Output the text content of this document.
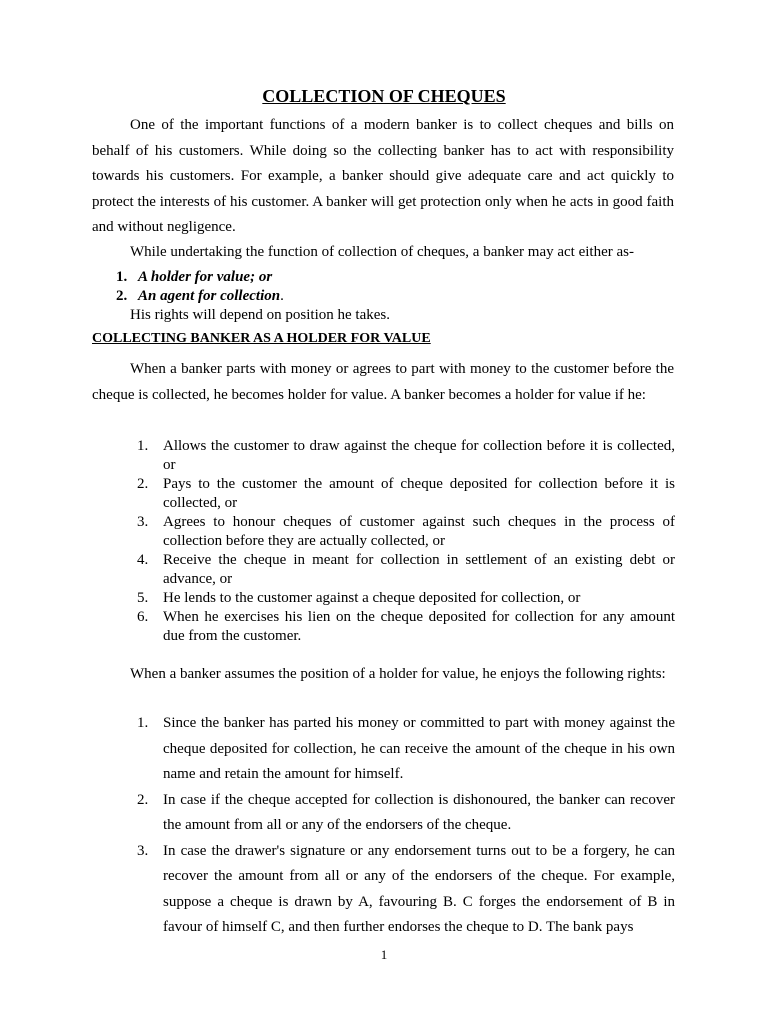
COLLECTION OF CHEQUES
One of the important functions of a modern banker is to collect cheques and bills on behalf of his customers. While doing so the collecting banker has to act with responsibility towards his customers. For example, a banker should give adequate care and act quickly to protect the interests of his customer. A banker will get protection only when he acts in good faith and without negligence.
While undertaking the function of collection of cheques, a banker may act either as-
1. A holder for value; or
2. An agent for collection.
His rights will depend on position he takes.
COLLECTING BANKER AS A HOLDER FOR VALUE
When a banker parts with money or agrees to part with money to the customer before the cheque is collected, he becomes holder for value. A banker becomes a holder for value if he:
1. Allows the customer to draw against the cheque for collection before it is collected, or
2. Pays to the customer the amount of cheque deposited for collection before it is collected, or
3. Agrees to honour cheques of customer against such cheques in the process of collection before they are actually collected, or
4. Receive the cheque in meant for collection in settlement of an existing debt or advance, or
5. He lends to the customer against a cheque deposited for collection, or
6. When he exercises his lien on the cheque deposited for collection for any amount due from the customer.
When a banker assumes the position of a holder for value, he enjoys the following rights:
1. Since the banker has parted his money or committed to part with money against the cheque deposited for collection, he can receive the amount of the cheque in his own name and retain the amount for himself.
2. In case if the cheque accepted for collection is dishonoured, the banker can recover the amount from all or any of the endorsers of the cheque.
3. In case the drawer's signature or any endorsement turns out to be a forgery, he can recover the amount from all or any of the endorsers of the cheque. For example, suppose a cheque is drawn by A, favouring B. C forges the endorsement of B in favour of himself C, and then further endorses the cheque to D. The bank pays
1
